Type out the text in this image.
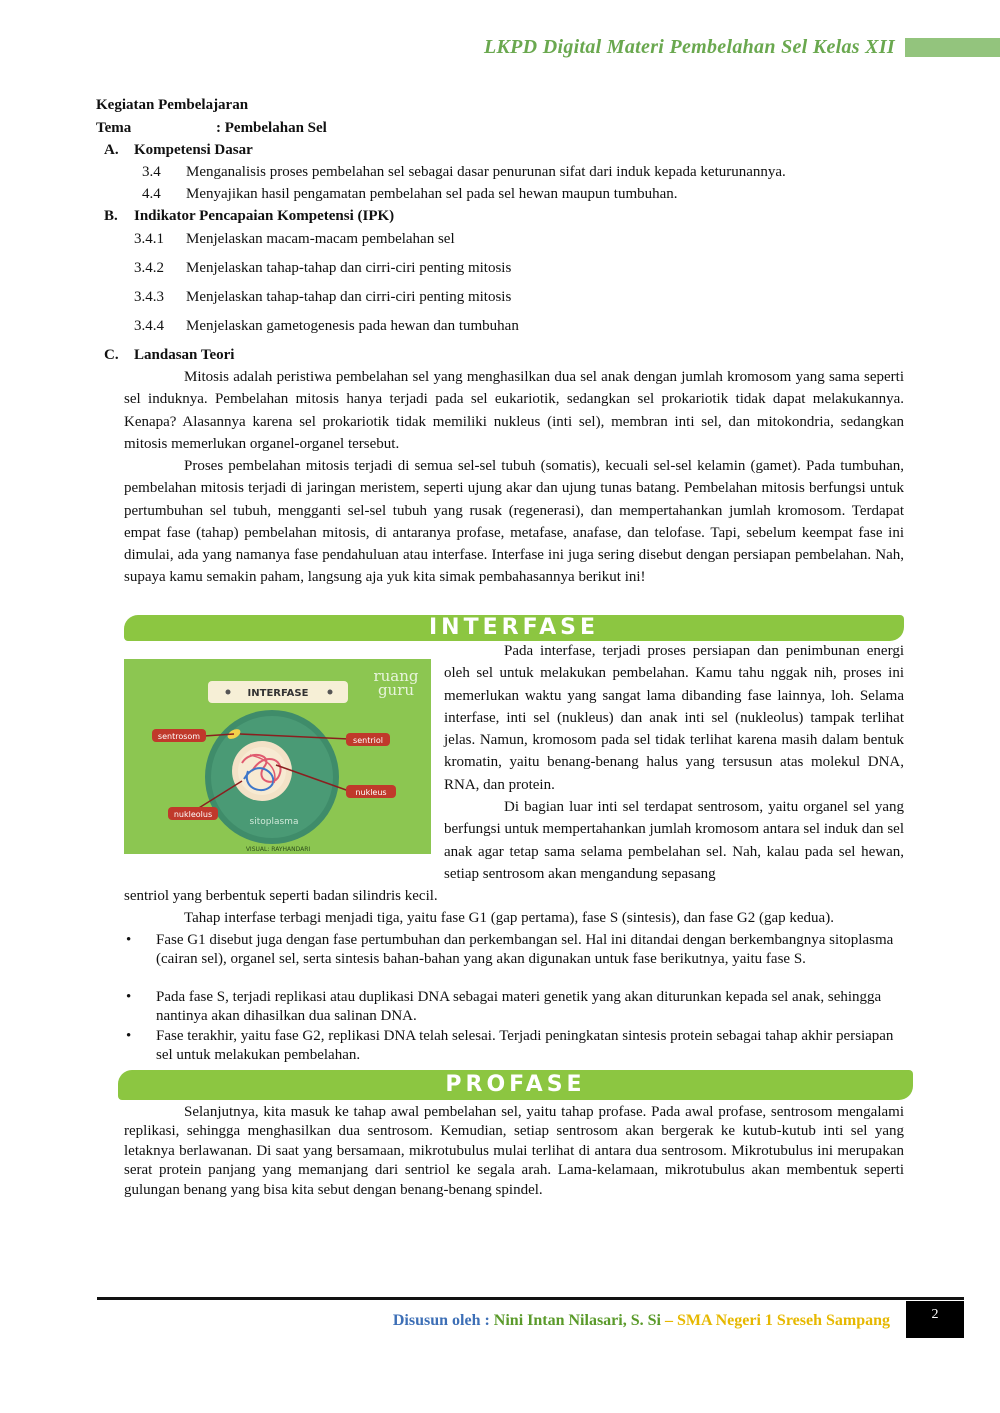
LKPD Digital Materi Pembelahan Sel Kelas XII
Kegiatan Pembelajaran
Tema	: Pembelahan Sel
A. Kompetensi Dasar
3.4 Menganalisis proses pembelahan sel sebagai dasar penurunan sifat dari induk kepada keturunannya.
4.4 Menyajikan hasil pengamatan pembelahan sel pada sel hewan maupun tumbuhan.
B. Indikator Pencapaian Kompetensi (IPK)
3.4.1 Menjelaskan macam-macam pembelahan sel
3.4.2 Menjelaskan tahap-tahap dan cirri-ciri penting mitosis
3.4.3 Menjelaskan tahap-tahap dan cirri-ciri penting mitosis
3.4.4 Menjelaskan gametogenesis pada hewan dan tumbuhan
C. Landasan Teori
Mitosis adalah peristiwa pembelahan sel yang menghasilkan dua sel anak dengan jumlah kromosom yang sama seperti sel induknya. Pembelahan mitosis hanya terjadi pada sel eukariotik, sedangkan sel prokariotik tidak dapat melakukannya. Kenapa? Alasannya karena sel prokariotik tidak memiliki nukleus (inti sel), membran inti sel, dan mitokondria, sedangkan mitosis memerlukan organel-organel tersebut.
Proses pembelahan mitosis terjadi di semua sel-sel tubuh (somatis), kecuali sel-sel kelamin (gamet). Pada tumbuhan, pembelahan mitosis terjadi di jaringan meristem, seperti ujung akar dan ujung tunas batang. Pembelahan mitosis berfungsi untuk pertumbuhan sel tubuh, mengganti sel-sel tubuh yang rusak (regenerasi), dan mempertahankan jumlah kromosom. Terdapat empat fase (tahap) pembelahan mitosis, di antaranya profase, metafase, anafase, dan telofase. Tapi, sebelum keempat fase ini dimulai, ada yang namanya fase pendahuluan atau interfase. Interfase ini juga sering disebut dengan persiapan pembelahan. Nah, supaya kamu semakin paham, langsung aja yuk kita simak pembahasannya berikut ini!
INTERFASE
INTERFASE
ruang
guru
sentrosom	sentriol
nukleus
nukleolus
sitoplasma
VISUAL: RAYHANDARI
Pada interfase, terjadi proses persiapan dan penimbunan energi oleh sel untuk melakukan pembelahan. Kamu tahu nggak nih, proses ini memerlukan waktu yang sangat lama dibanding fase lainnya, loh. Selama interfase, inti sel (nukleus) dan anak inti sel (nukleolus) tampak terlihat jelas. Namun, kromosom pada sel tidak terlihat karena masih dalam bentuk kromatin, yaitu benang-benang halus yang tersusun atas molekul DNA, RNA, dan protein.
Di bagian luar inti sel terdapat sentrosom, yaitu organel sel yang berfungsi untuk mempertahankan jumlah kromosom antara sel induk dan sel anak agar tetap sama selama pembelahan sel. Nah, kalau pada sel hewan, setiap sentrosom akan mengandung sepasang
sentriol yang berbentuk seperti badan silindris kecil.
Tahap interfase terbagi menjadi tiga, yaitu fase G1 (gap pertama), fase S (sintesis), dan fase G2 (gap kedua).
• Fase G1 disebut juga dengan fase pertumbuhan dan perkembangan sel. Hal ini ditandai dengan berkembangnya sitoplasma (cairan sel), organel sel, serta sintesis bahan-bahan yang akan digunakan untuk fase berikutnya, yaitu fase S.
• Pada fase S, terjadi replikasi atau duplikasi DNA sebagai materi genetik yang akan diturunkan kepada sel anak, sehingga nantinya akan dihasilkan dua salinan DNA.
• Fase terakhir, yaitu fase G2, replikasi DNA telah selesai. Terjadi peningkatan sintesis protein sebagai tahap akhir persiapan sel untuk melakukan pembelahan.
PROFASE
Selanjutnya, kita masuk ke tahap awal pembelahan sel, yaitu tahap profase. Pada awal profase, sentrosom mengalami replikasi, sehingga menghasilkan dua sentrosom. Kemudian, setiap sentrosom akan bergerak ke kutub-kutub inti sel yang letaknya berlawanan. Di saat yang bersamaan, mikrotubulus mulai terlihat di antara dua sentrosom. Mikrotubulus ini merupakan serat protein panjang yang memanjang dari sentriol ke segala arah. Lama-kelamaan, mikrotubulus akan membentuk seperti gulungan benang yang bisa kita sebut dengan benang-benang spindel.
Disusun oleh : Nini Intan Nilasari, S. Si – SMA Negeri 1 Sreseh Sampang	2
